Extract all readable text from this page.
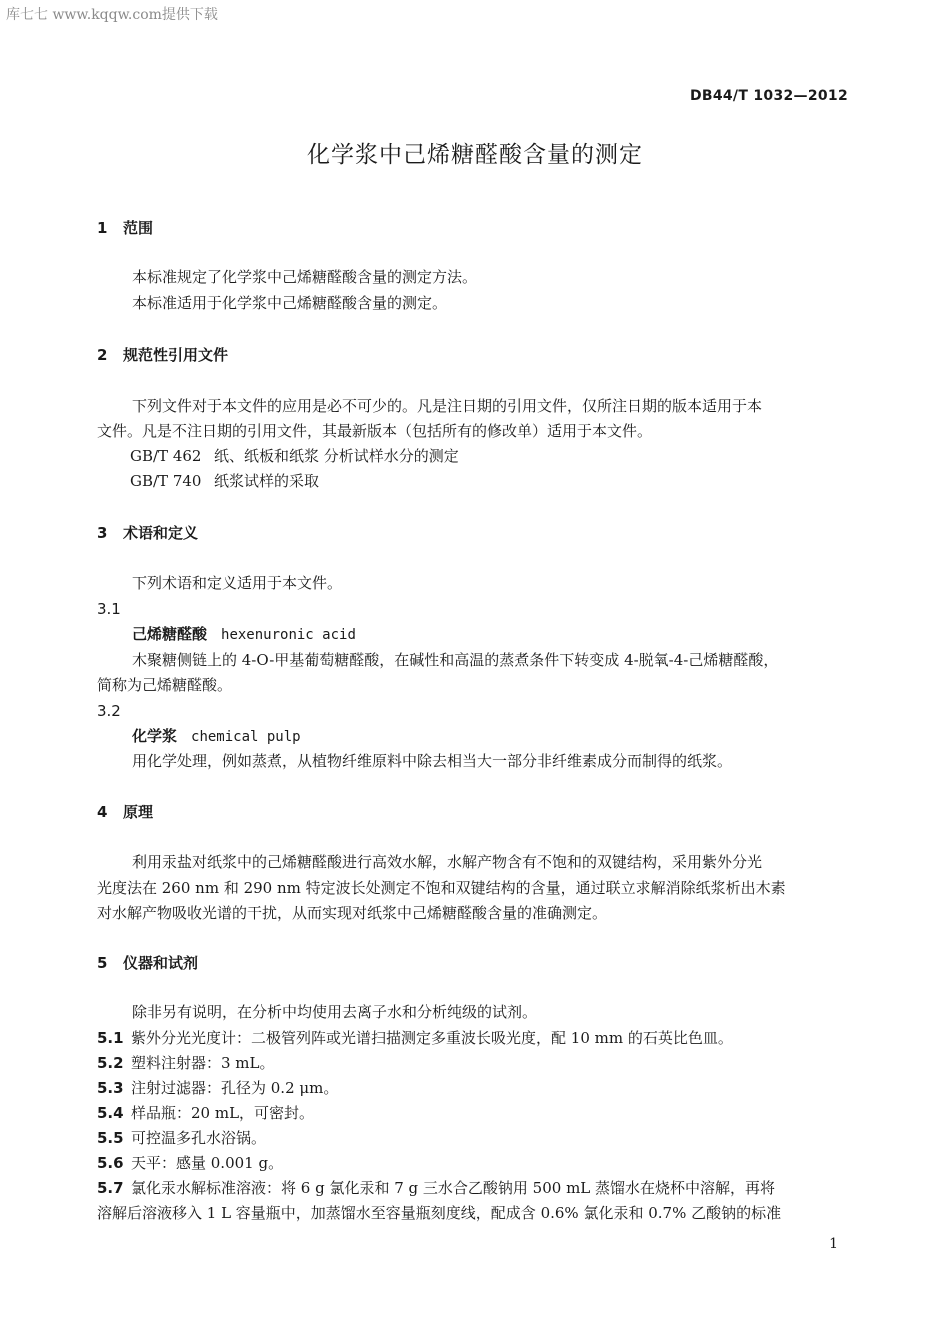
库七七 www.kqqw.com提供下载
DB44/T 1032—2012
化学浆中己烯糖醛酸含量的测定
1 范围
本标准规定了化学浆中己烯糖醛酸含量的测定方法。
本标准适用于化学浆中己烯糖醛酸含量的测定。
2 规范性引用文件
下列文件对于本文件的应用是必不可少的。凡是注日期的引用文件，仅所注日期的版本适用于本
文件。凡是不注日期的引用文件，其最新版本（包括所有的修改单）适用于本文件。
GB/T 462 纸、纸板和纸浆 分析试样水分的测定
GB/T 740 纸浆试样的采取
3 术语和定义
下列术语和定义适用于本文件。
3.1
己烯糖醛酸 hexenuronic acid
木聚糖侧链上的 4-O-甲基葡萄糖醛酸，在碱性和高温的蒸煮条件下转变成 4-脱氧-4-己烯糖醛酸，
简称为己烯糖醛酸。
3.2
化学浆 chemical pulp
用化学处理，例如蒸煮，从植物纤维原料中除去相当大一部分非纤维素成分而制得的纸浆。
4 原理
利用汞盐对纸浆中的己烯糖醛酸进行高效水解，水解产物含有不饱和的双键结构，采用紫外分光
光度法在 260 nm 和 290 nm 特定波长处测定不饱和双键结构的含量，通过联立求解消除纸浆析出木素
对水解产物吸收光谱的干扰，从而实现对纸浆中己烯糖醛酸含量的准确测定。
5 仪器和试剂
除非另有说明，在分析中均使用去离子水和分析纯级的试剂。
5.1 紫外分光光度计：二极管列阵或光谱扫描测定多重波长吸光度，配 10 mm 的石英比色皿。
5.2 塑料注射器：3 mL。
5.3 注射过滤器：孔径为 0.2 μm。
5.4 样品瓶：20 mL，可密封。
5.5 可控温多孔水浴锅。
5.6 天平：感量 0.001 g。
5.7 氯化汞水解标准溶液：将 6 g 氯化汞和 7 g 三水合乙酸钠用 500 mL 蒸馏水在烧杯中溶解，再将
溶解后溶液移入 1 L 容量瓶中，加蒸馏水至容量瓶刻度线，配成含 0.6% 氯化汞和 0.7% 乙酸钠的标准
1
